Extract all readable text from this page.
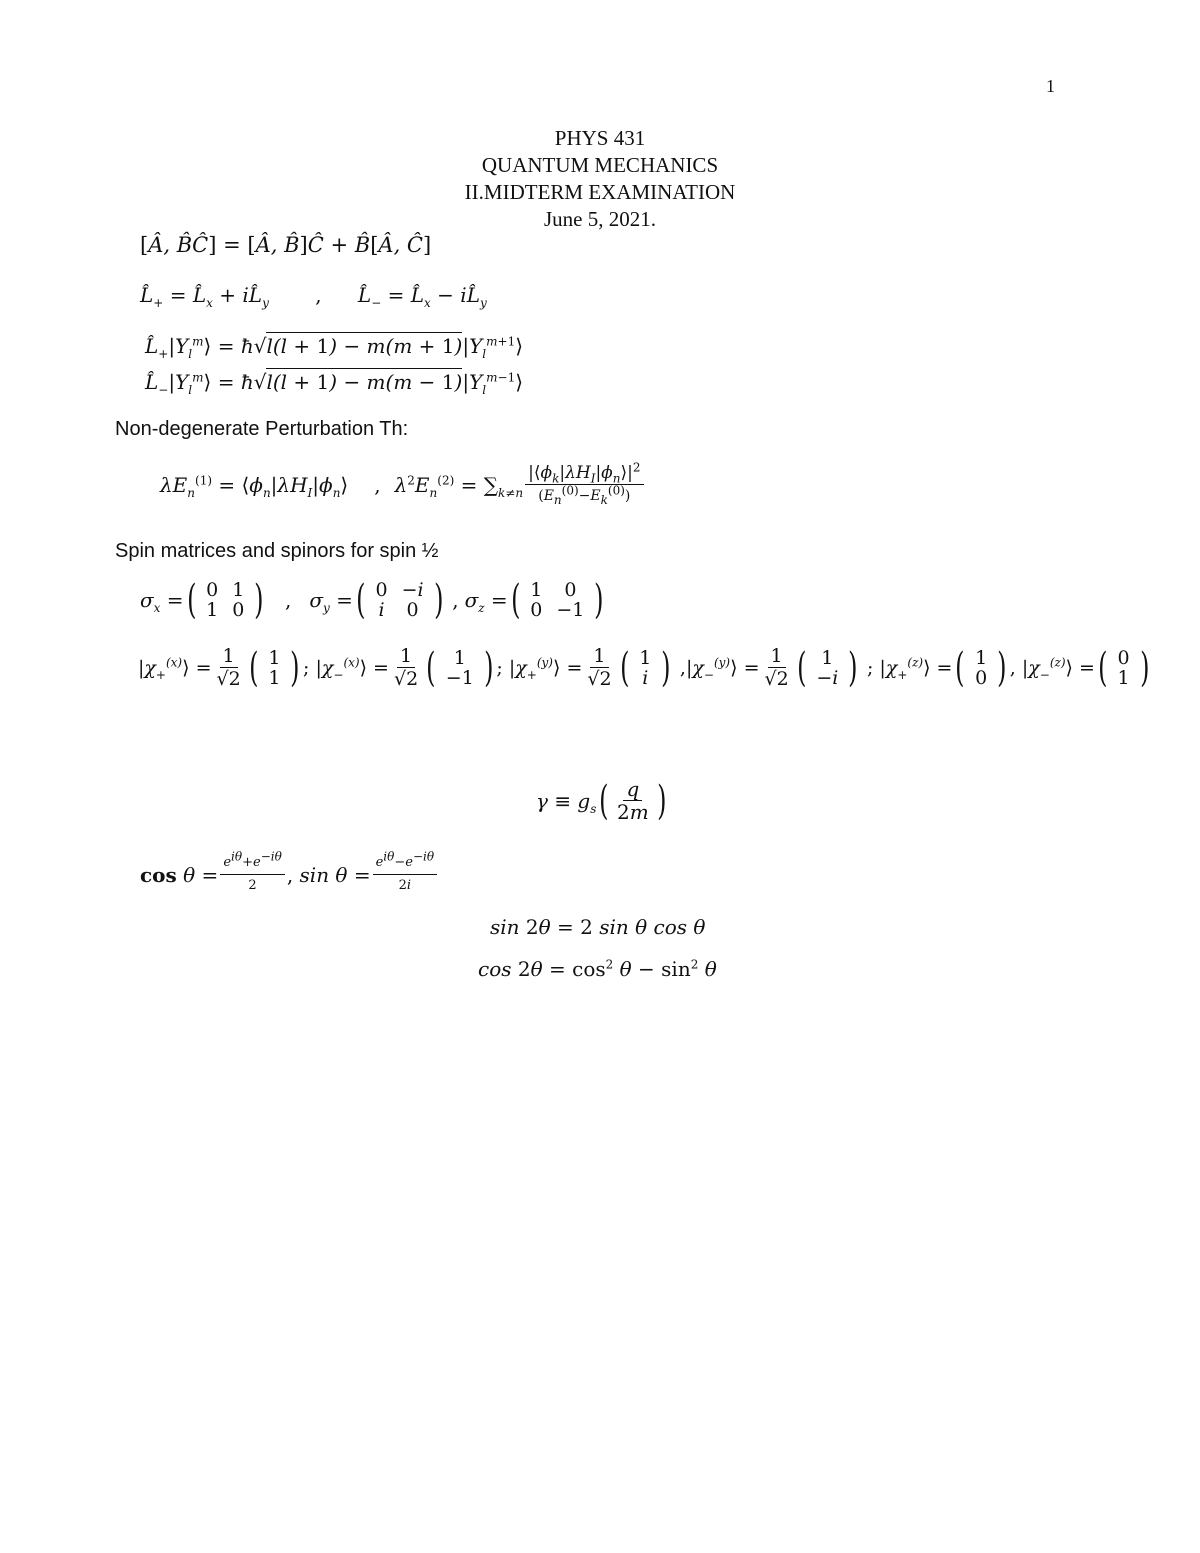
1
PHYS 431
QUANTUM MECHANICS
II.MIDTERM EXAMINATION
June 5, 2021.
[Â, B̂Ĉ] = [Â, B̂]Ĉ + B̂[Â, Ĉ]
$L̂_+$ = $L̂_x$ + $iL̂_y$ , $L̂_-$ = $L̂_x$ − $iL̂_y$
$L̂_+|Y_l^m⟩$ = ħ√l(l + $1) - m(m + 1)|Y_l^{m+1}⟩$
$L̂_-|Y_l^m⟩$ = ħ√l(l + $1) - m(m - 1)|Y_l^{m-1}⟩$
Non-degenerate Perturbation Th:
$\lambda E_n^{(1)}$ = $⟨\phi_n|\lambda H_I|\phi_n⟩$ , $\lambda^2E_n^{(2)} = \sum_{k\ne n} \frac{|⟨\phi_k|\lambda H_I|\phi_n⟩|^2}{(E_n^{(0)}-E_k^{(0)})}$
Spin matrices and spinors for spin ½
$\sigma_x$ = ( 0	1
1	0 ) , $\sigma_y$ = ( 0	−i
i	0 ) , $\sigma_z$ = ( 1	0
0	−1 )
$|\chi_+^{(x)}⟩ = \frac{1}{√2}$ ( 1
1 ) ; $|\chi_-^{(x)}⟩ = \frac{1}{√2}$ ( 1
−1 ) ; $|\chi_+^{(y)}⟩ = \frac{1}{√2}$ ( 1
i ) , $|\chi_-^{(y)}⟩ = \frac{1}{√2}$ ( 1
−i ) ; $|\chi_+^{(z)}⟩$ = ( 1
0 ) , $|\chi_-^{(z)}⟩$ = ( 0
1 )
$\gamma \equiv g_s$ ( $\frac{q}{2m}$ )
$\cos \theta = \frac{e^{i\theta}+e^{-i\theta}}{2}$ ,
$\sin \theta = \frac{e^{i\theta}-e^{-i\theta}}{2i}$
sin 2θ = 2 sin θ cos θ
$\cos 2\theta = \cos^2 \theta - \sin^2 \theta$
